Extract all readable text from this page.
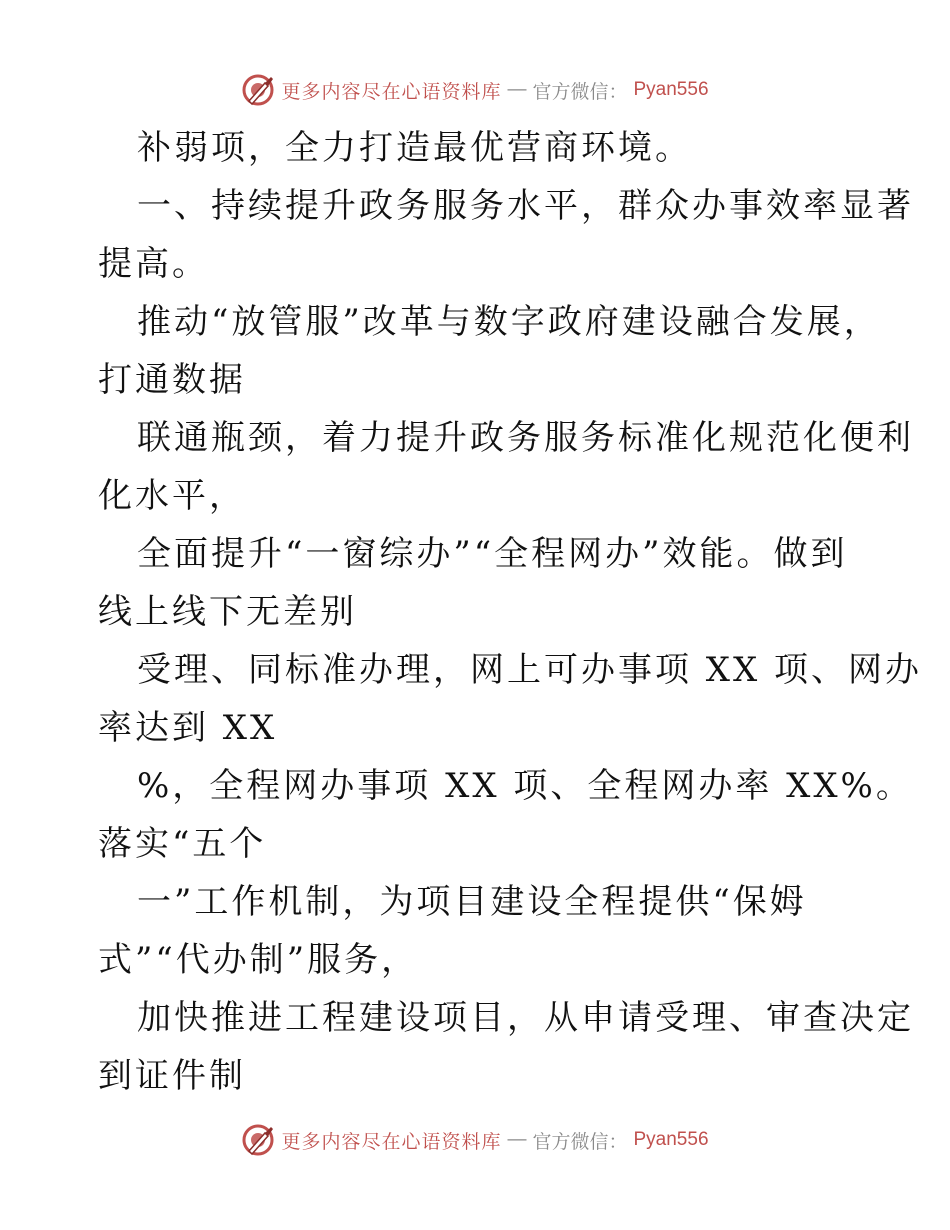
更多内容尽在心语资料库 — 官方微信： Pyan556
补弱项，全力打造最优营商环境。
一、持续提升政务服务水平，群众办事效率显著
提高。
推动“放管服”改革与数字政府建设融合发展，
打通数据
联通瓶颈，着力提升政务服务标准化规范化便利
化水平，
全面提升“一窗综办”“全程网办”效能。做到
线上线下无差别
受理、同标准办理，网上可办事项 XX 项、网办
率达到 XX
%，全程网办事项 XX 项、全程网办率 XX%。
落实“五个
一”工作机制，为项目建设全程提供“保姆
式”“代办制”服务，
加快推进工程建设项目，从申请受理、审查决定
到证件制
更多内容尽在心语资料库 — 官方微信： Pyan556
